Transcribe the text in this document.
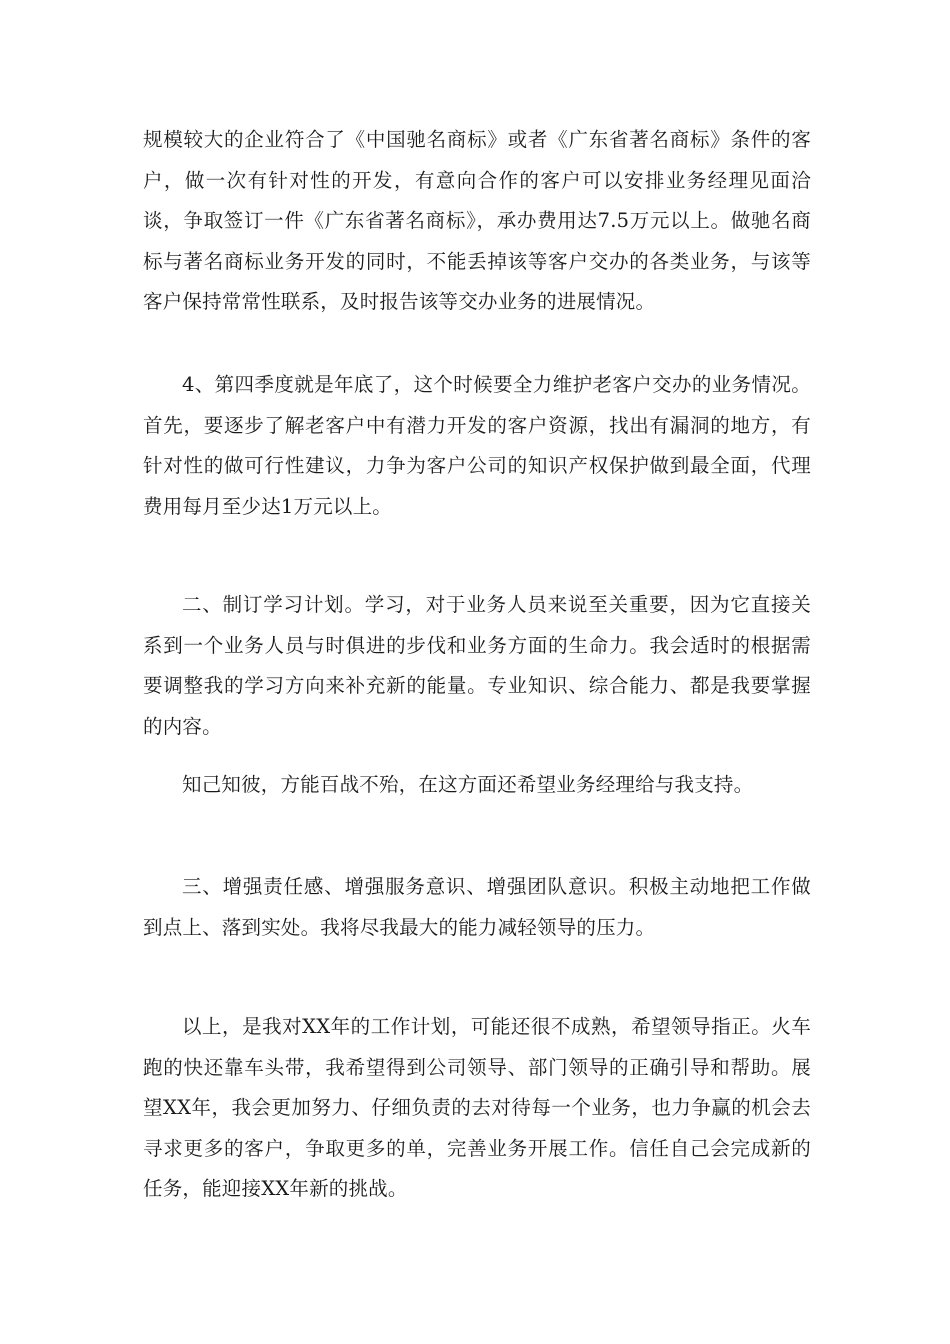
规模较大的企业符合了《中国驰名商标》或者《广东省著名商标》条件的客户，做一次有针对性的开发，有意向合作的客户可以安排业务经理见面洽谈，争取签订一件《广东省著名商标》，承办费用达7.5万元以上。做驰名商标与著名商标业务开发的同时，不能丢掉该等客户交办的各类业务，与该等客户保持常常性联系，及时报告该等交办业务的进展情况。

4、第四季度就是年底了，这个时候要全力维护老客户交办的业务情况。首先，要逐步了解老客户中有潜力开发的客户资源，找出有漏洞的地方，有针对性的做可行性建议，力争为客户公司的知识产权保护做到最全面，代理费用每月至少达1万元以上。

二、制订学习计划。学习，对于业务人员来说至关重要，因为它直接关系到一个业务人员与时俱进的步伐和业务方面的生命力。我会适时的根据需要调整我的学习方向来补充新的能量。专业知识、综合能力、都是我要掌握的内容。

知己知彼，方能百战不殆，在这方面还希望业务经理给与我支持。

三、增强责任感、增强服务意识、增强团队意识。积极主动地把工作做到点上、落到实处。我将尽我最大的能力减轻领导的压力。

以上，是我对XX年的工作计划，可能还很不成熟，希望领导指正。火车跑的快还靠车头带，我希望得到公司领导、部门领导的正确引导和帮助。展望XX年，我会更加努力、仔细负责的去对待每一个业务，也力争赢的机会去寻求更多的客户，争取更多的单，完善业务开展工作。信任自己会完成新的任务，能迎接XX年新的挑战。
